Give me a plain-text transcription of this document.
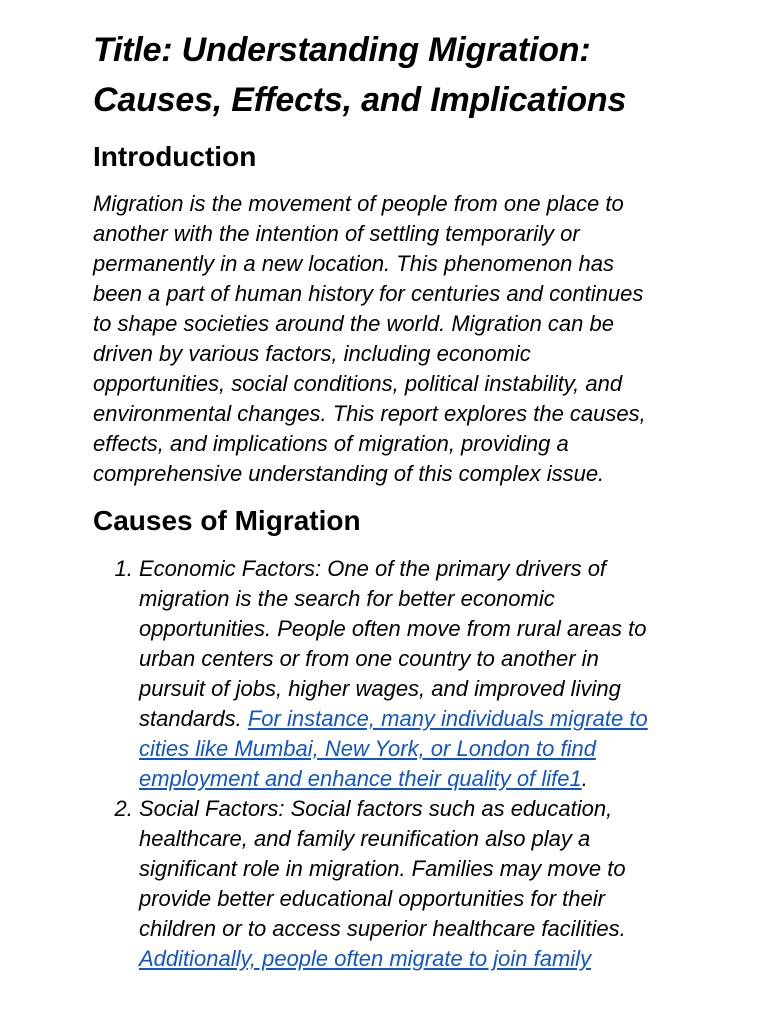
Title: Understanding Migration: Causes, Effects, and Implications
Introduction

Migration is the movement of people from one place to another with the intention of settling temporarily or permanently in a new location. This phenomenon has been a part of human history for centuries and continues to shape societies around the world. Migration can be driven by various factors, including economic opportunities, social conditions, political instability, and environmental changes. This report explores the causes, effects, and implications of migration, providing a comprehensive understanding of this complex issue.

Causes of Migration
1. Economic Factors: One of the primary drivers of migration is the search for better economic opportunities. People often move from rural areas to urban centers or from one country to another in pursuit of jobs, higher wages, and improved living standards. For instance, many individuals migrate to cities like Mumbai, New York, or London to find employment and enhance their quality of life1.
2. Social Factors: Social factors such as education, healthcare, and family reunification also play a significant role in migration. Families may move to provide better educational opportunities for their children or to access superior healthcare facilities. Additionally, people often migrate to join family
